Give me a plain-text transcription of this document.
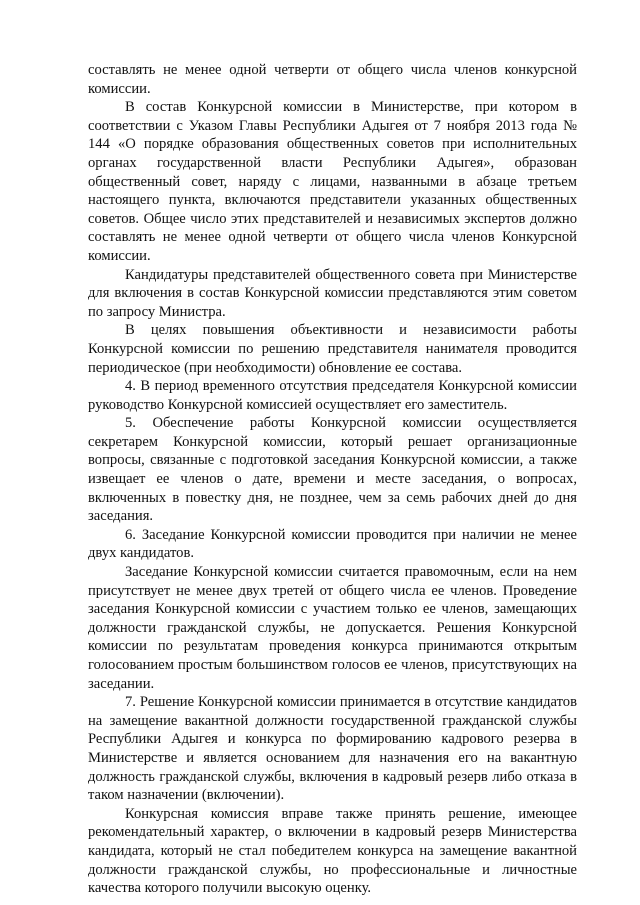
составлять не менее одной четверти от общего числа членов конкурсной комиссии.

В состав Конкурсной комиссии в Министерстве, при котором в соответствии с Указом Главы Республики Адыгея от 7 ноября 2013 года № 144 «О порядке образования общественных советов при исполнительных органах государственной власти Республики Адыгея», образован общественный совет, наряду с лицами, названными в абзаце третьем настоящего пункта, включаются представители указанных общественных советов. Общее число этих представителей и независимых экспертов должно составлять не менее одной четверти от общего числа членов Конкурсной комиссии.

Кандидатуры представителей общественного совета при Министерстве для включения в состав Конкурсной комиссии представляются этим советом по запросу Министра.

В целях повышения объективности и независимости работы Конкурсной комиссии по решению представителя нанимателя проводится периодическое (при необходимости) обновление ее состава.

4. В период временного отсутствия председателя Конкурсной комиссии руководство Конкурсной комиссией осуществляет его заместитель.

5. Обеспечение работы Конкурсной комиссии осуществляется секретарем Конкурсной комиссии, который решает организационные вопросы, связанные с подготовкой заседания Конкурсной комиссии, а также извещает ее членов о дате, времени и месте заседания, о вопросах, включенных в повестку дня, не позднее, чем за семь рабочих дней до дня заседания.

6. Заседание Конкурсной комиссии проводится при наличии не менее двух кандидатов.

Заседание Конкурсной комиссии считается правомочным, если на нем присутствует не менее двух третей от общего числа ее членов. Проведение заседания Конкурсной комиссии с участием только ее членов, замещающих должности гражданской службы, не допускается. Решения Конкурсной комиссии по результатам проведения конкурса принимаются открытым голосованием простым большинством голосов ее членов, присутствующих на заседании.

7. Решение Конкурсной комиссии принимается в отсутствие кандидатов на замещение вакантной должности государственной гражданской службы Республики Адыгея и конкурса по формированию кадрового резерва в Министерстве и является основанием для назначения его на вакантную должность гражданской службы, включения в кадровый резерв либо отказа в таком назначении (включении).

Конкурсная комиссия вправе также принять решение, имеющее рекомендательный характер, о включении в кадровый резерв Министерства кандидата, который не стал победителем конкурса на замещение вакантной должности гражданской службы, но профессиональные и личностные качества которого получили высокую оценку.
